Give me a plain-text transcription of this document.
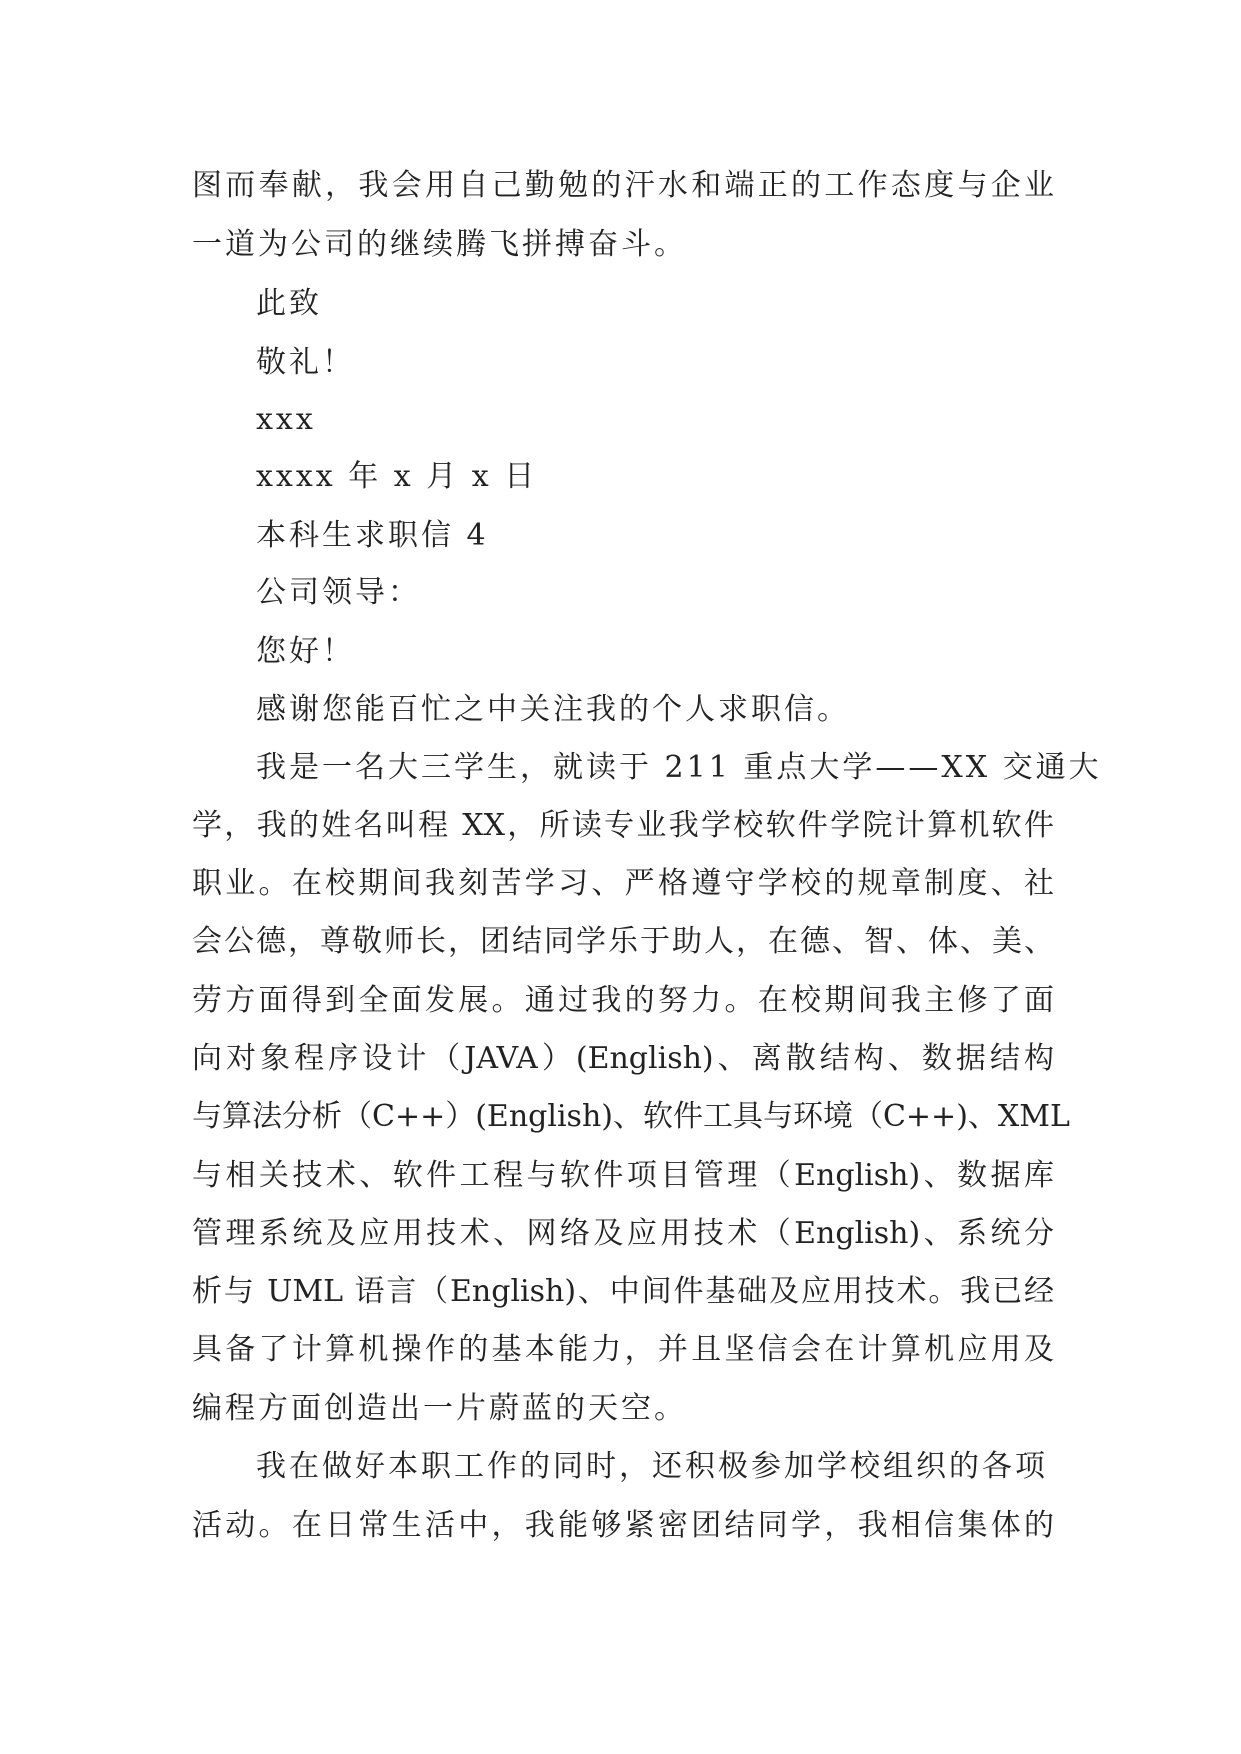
图而奉献，我会用自己勤勉的汗水和端正的工作态度与企业
一道为公司的继续腾飞拼搏奋斗。
此致
敬礼！
xxx
xxxx 年 x 月 x 日
本科生求职信 4
公司领导：
您好！
感谢您能百忙之中关注我的个人求职信。
我是一名大三学生，就读于 211 重点大学——XX 交通大
学，我的姓名叫程 XX，所读专业我学校软件学院计算机软件
职业。在校期间我刻苦学习、严格遵守学校的规章制度、社
会公德，尊敬师长，团结同学乐于助人，在德、智、体、美、
劳方面得到全面发展。通过我的努力。在校期间我主修了面
向对象程序设计（JAVA）(English)、离散结构、数据结构
与算法分析（C++）(English)、软件工具与环境（C++)、XML
与相关技术、软件工程与软件项目管理（English)、数据库
管理系统及应用技术、网络及应用技术（English)、系统分
析与 UML 语言（English)、中间件基础及应用技术。我已经
具备了计算机操作的基本能力，并且坚信会在计算机应用及
编程方面创造出一片蔚蓝的天空。
我在做好本职工作的同时，还积极参加学校组织的各项
活动。在日常生活中，我能够紧密团结同学，我相信集体的
